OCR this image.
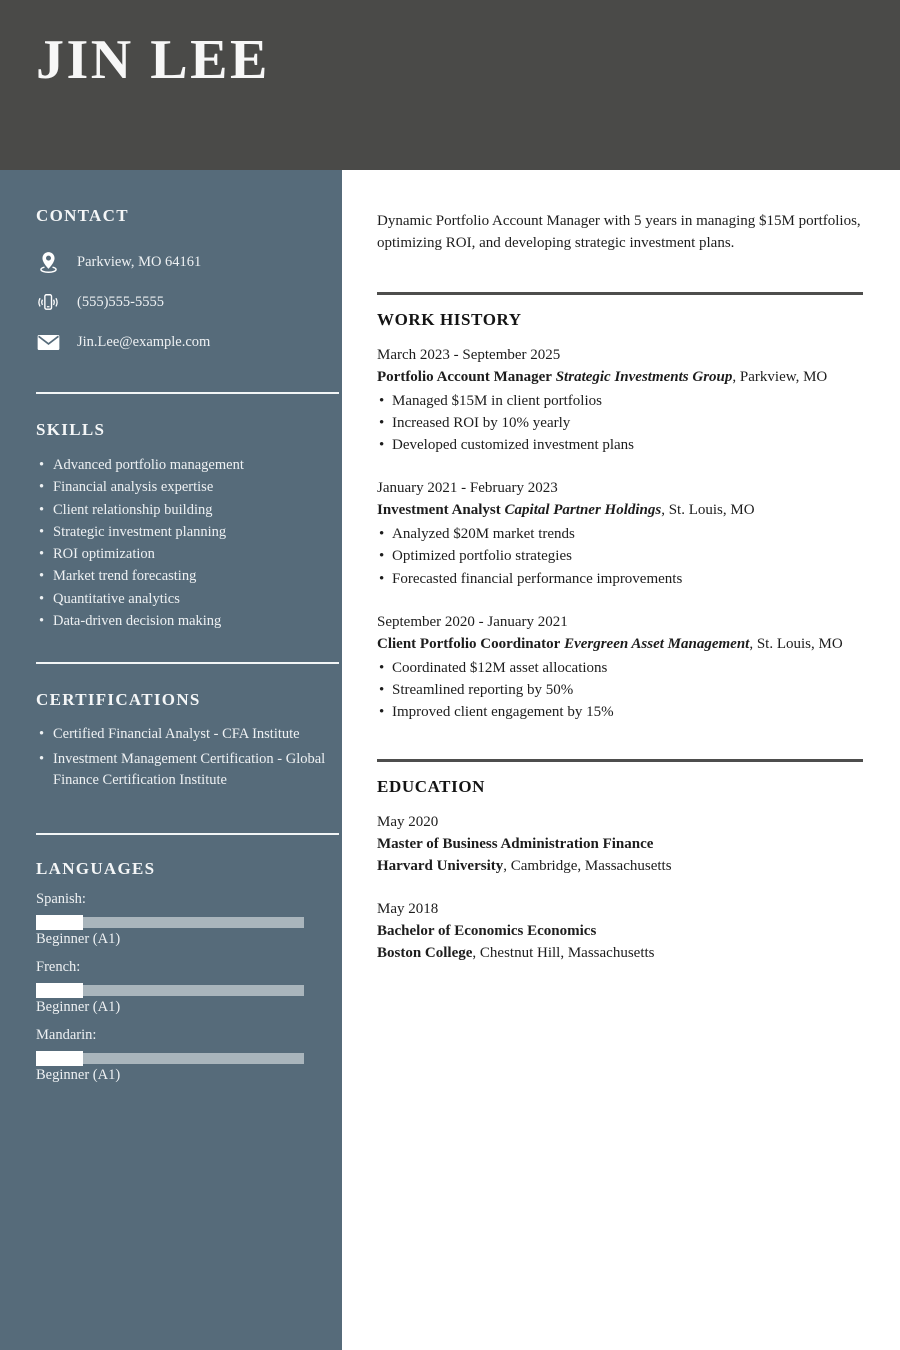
JIN LEE
CONTACT
Parkview, MO 64161
(555)555-5555
Jin.Lee@example.com
SKILLS
• Advanced portfolio management
• Financial analysis expertise
• Client relationship building
• Strategic investment planning
• ROI optimization
• Market trend forecasting
• Quantitative analytics
• Data-driven decision making
CERTIFICATIONS
• Certified Financial Analyst - CFA Institute
• Investment Management Certification - Global Finance Certification Institute
LANGUAGES
Spanish:
Beginner (A1)
French:
Beginner (A1)
Mandarin:
Beginner (A1)

Dynamic Portfolio Account Manager with 5 years in managing $15M portfolios, optimizing ROI, and developing strategic investment plans.

WORK HISTORY
March 2023 - September 2025
Portfolio Account Manager Strategic Investments Group, Parkview, MO
• Managed $15M in client portfolios
• Increased ROI by 10% yearly
• Developed customized investment plans
January 2021 - February 2023
Investment Analyst Capital Partner Holdings, St. Louis, MO
• Analyzed $20M market trends
• Optimized portfolio strategies
• Forecasted financial performance improvements
September 2020 - January 2021
Client Portfolio Coordinator Evergreen Asset Management, St. Louis, MO
• Coordinated $12M asset allocations
• Streamlined reporting by 50%
• Improved client engagement by 15%
EDUCATION
May 2020
Master of Business Administration Finance
Harvard University, Cambridge, Massachusetts
May 2018
Bachelor of Economics Economics
Boston College, Chestnut Hill, Massachusetts
